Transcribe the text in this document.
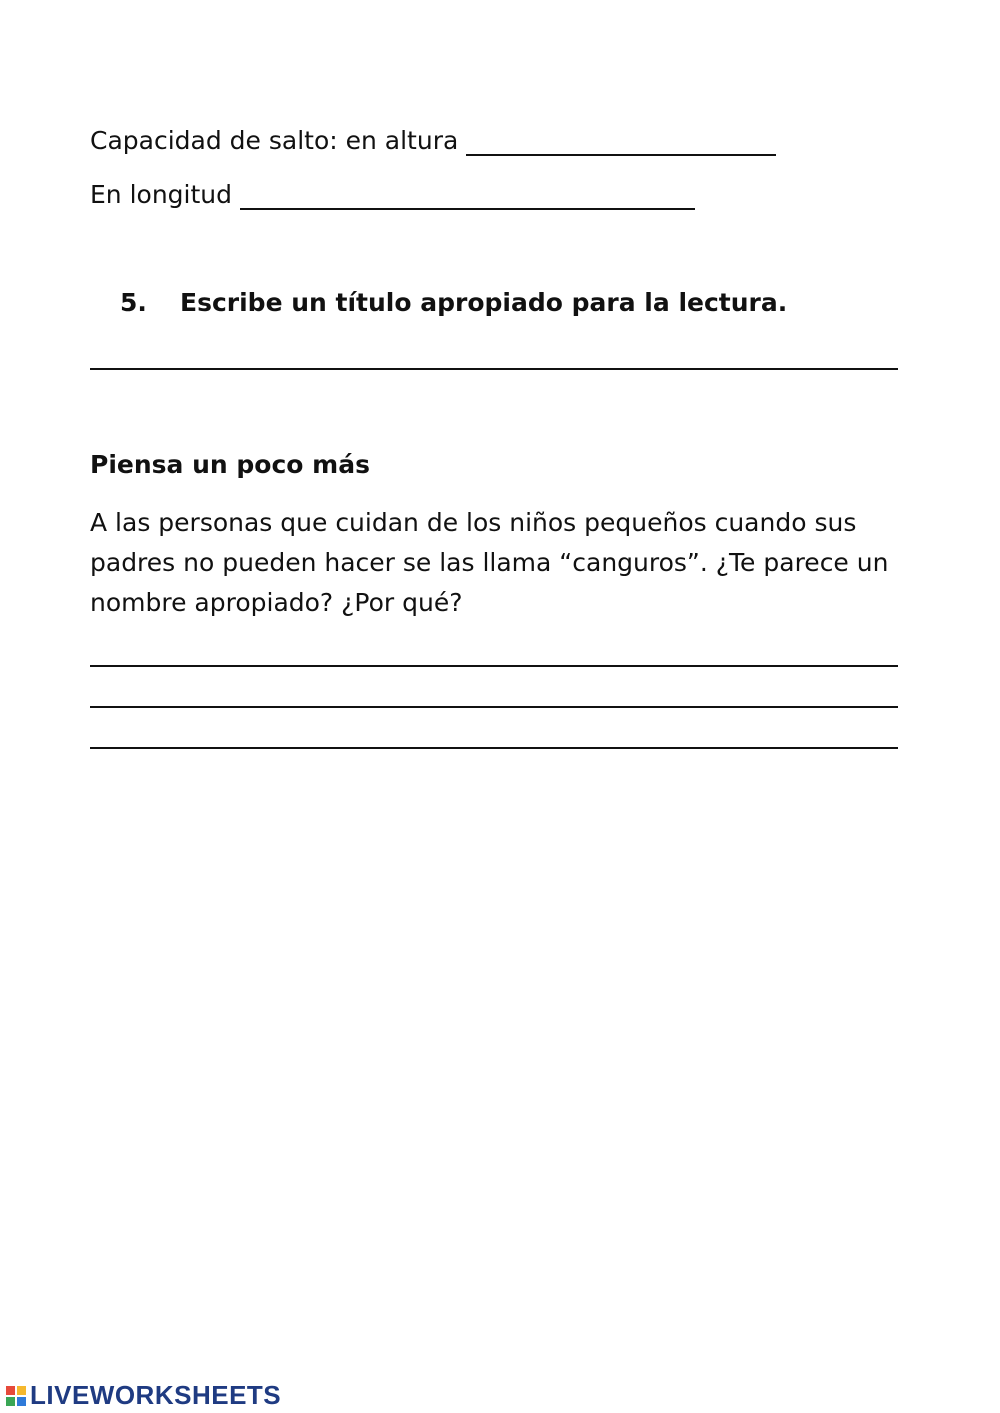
Capacidad de salto: en altura
En longitud
5. Escribe un título apropiado para la lectura.
Piensa un poco más
A las personas que cuidan de los niños pequeños cuando sus padres no pueden hacer se las llama “canguros”. ¿Te parece un nombre apropiado? ¿Por qué?
LIVEWORKSHEETS
